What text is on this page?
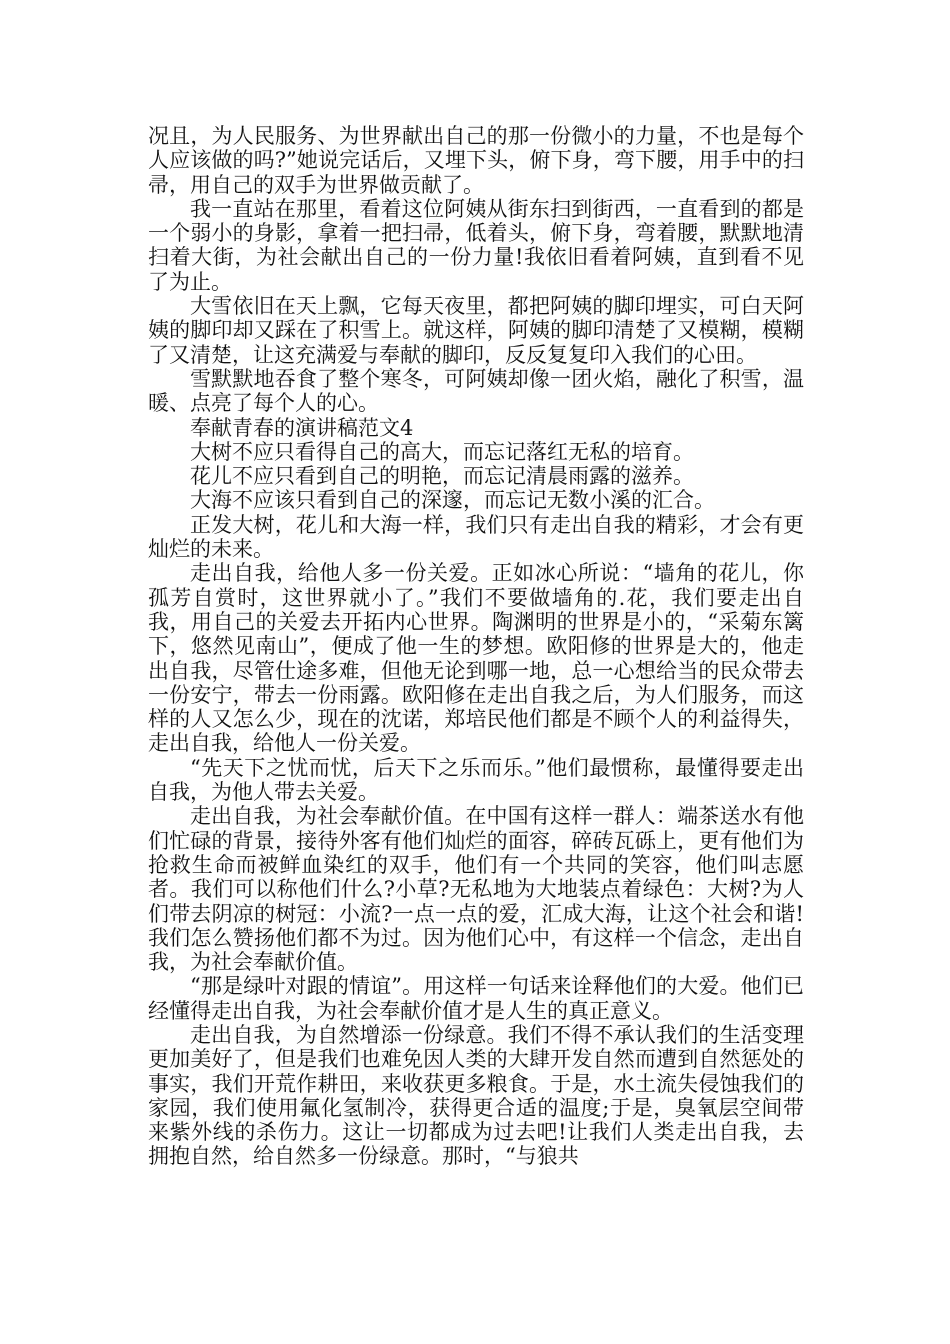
况且，为人民服务、为世界献出自己的那一份微小的力量，不也是每个人应该做的吗?”她说完话后，又埋下头，俯下身，弯下腰，用手中的扫帚，用自己的双手为世界做贡献了。

我一直站在那里，看着这位阿姨从街东扫到街西，一直看到的都是一个弱小的身影，拿着一把扫帚，低着头，俯下身，弯着腰，默默地清扫着大街，为社会献出自己的一份力量!我依旧看着阿姨，直到看不见了为止。

大雪依旧在天上飘，它每天夜里，都把阿姨的脚印埋实，可白天阿姨的脚印却又踩在了积雪上。就这样，阿姨的脚印清楚了又模糊，模糊了又清楚，让这充满爱与奉献的脚印，反反复复印入我们的心田。

雪默默地吞食了整个寒冬，可阿姨却像一团火焰，融化了积雪，温暖、点亮了每个人的心。

奉献青春的演讲稿范文4

大树不应只看得自己的高大，而忘记落红无私的培育。

花儿不应只看到自己的明艳，而忘记清晨雨露的滋养。

大海不应该只看到自己的深邃，而忘记无数小溪的汇合。

正发大树，花儿和大海一样，我们只有走出自我的精彩，才会有更灿烂的未来。

走出自我，给他人多一份关爱。正如冰心所说：“墙角的花儿，你孤芳自赏时，这世界就小了。”我们不要做墙角的.花，我们要走出自我，用自己的关爱去开拓内心世界。陶渊明的世界是小的，“采菊东篱下，悠然见南山”，便成了他一生的梦想。欧阳修的世界是大的，他走出自我，尽管仕途多难，但他无论到哪一地，总一心想给当的民众带去一份安宁，带去一份雨露。欧阳修在走出自我之后，为人们服务，而这样的人又怎么少，现在的沈诺，郑培民他们都是不顾个人的利益得失，走出自我，给他人一份关爱。

“先天下之忧而忧，后天下之乐而乐。”他们最惯称，最懂得要走出自我，为他人带去关爱。

走出自我，为社会奉献价值。在中国有这样一群人：端茶送水有他们忙碌的背景，接待外客有他们灿烂的面容，碎砖瓦砾上，更有他们为抢救生命而被鲜血染红的双手，他们有一个共同的笑容，他们叫志愿者。我们可以称他们什么?小草?无私地为大地装点着绿色：大树?为人们带去阴凉的树冠：小流?一点一点的爱，汇成大海，让这个社会和谐!我们怎么赞扬他们都不为过。因为他们心中，有这样一个信念，走出自我，为社会奉献价值。

“那是绿叶对跟的情谊”。用这样一句话来诠释他们的大爱。他们已经懂得走出自我，为社会奉献价值才是人生的真正意义。

走出自我，为自然增添一份绿意。我们不得不承认我们的生活变理更加美好了，但是我们也难免因人类的大肆开发自然而遭到自然惩处的事实，我们开荒作耕田，来收获更多粮食。于是，水土流失侵蚀我们的家园，我们使用氟化氢制冷，获得更合适的温度;于是，臭氧层空间带来紫外线的杀伤力。这让一切都成为过去吧!让我们人类走出自我，去拥抱自然，给自然多一份绿意。那时，“与狼共
